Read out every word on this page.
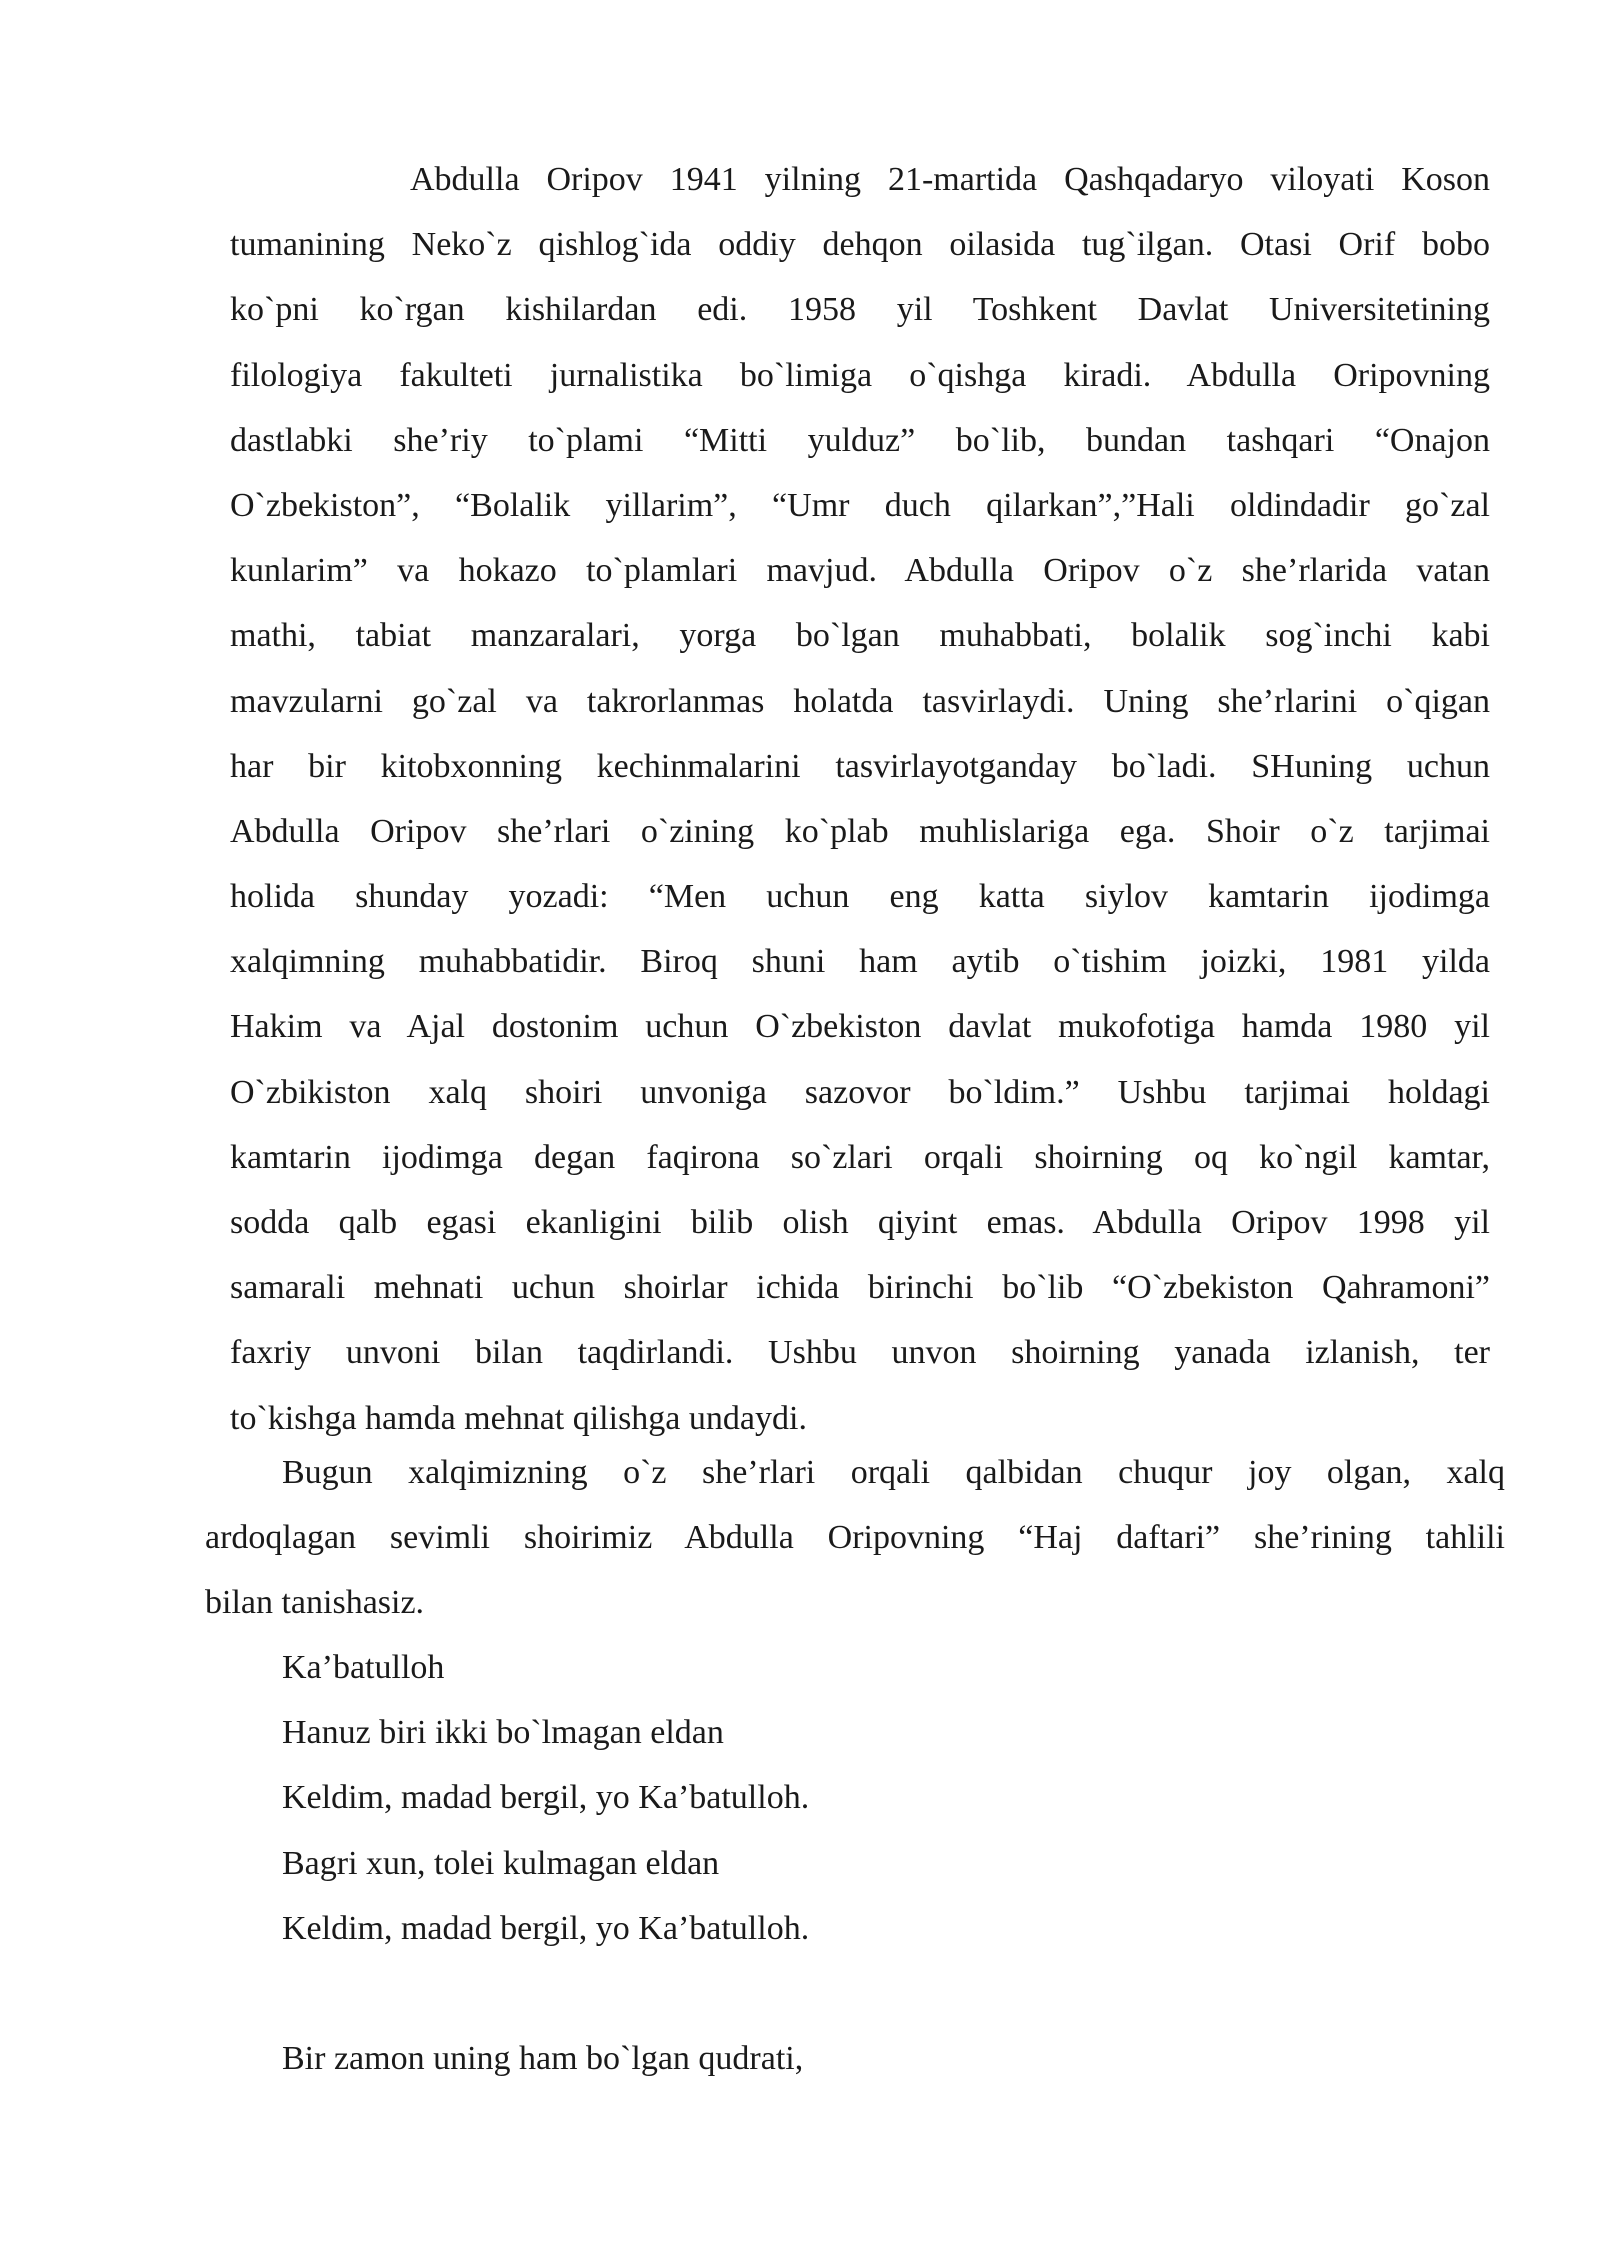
Abdulla Oripov 1941 yilning 21-martida Qashqadaryo viloyati Koson
tumanining Neko`z qishlog`ida oddiy dehqon oilasida tug`ilgan. Otasi Orif bobo
ko`pni ko`rgan kishilardan edi. 1958 yil Toshkent Davlat Universitetining
filologiya fakulteti jurnalistika bo`limiga o`qishga kiradi. Abdulla Oripovning
dastlabki she’riy to`plami “Mitti yulduz” bo`lib, bundan tashqari “Onajon
O`zbekiston”, “Bolalik yillarim”, “Umr duch qilarkan”,”Hali oldindadir go`zal
kunlarim” va hokazo to`plamlari mavjud. Abdulla Oripov o`z she’rlarida vatan
mathi, tabiat manzaralari, yorga bo`lgan muhabbati, bolalik sog`inchi kabi
mavzularni go`zal va takrorlanmas holatda tasvirlaydi. Uning she’rlarini o`qigan
har bir kitobxonning kechinmalarini tasvirlayotganday bo`ladi. SHuning uchun
Abdulla Oripov she’rlari o`zining ko`plab muhlislariga ega. Shoir o`z tarjimai
holida shunday yozadi: “Men uchun eng katta siylov kamtarin ijodimga
xalqimning muhabbatidir. Biroq shuni ham aytib o`tishim joizki, 1981 yilda
Hakim va Ajal dostonim uchun O`zbekiston davlat mukofotiga hamda 1980 yil
O`zbikiston xalq shoiri unvoniga sazovor bo`ldim.” Ushbu tarjimai holdagi
kamtarin ijodimga degan faqirona so`zlari orqali shoirning oq ko`ngil kamtar,
sodda qalb egasi ekanligini bilib olish qiyint emas. Abdulla Oripov 1998 yil
samarali mehnati uchun shoirlar ichida birinchi bo`lib “O`zbekiston Qahramoni”
faxriy unvoni bilan taqdirlandi. Ushbu unvon shoirning yanada izlanish, ter
to`kishga hamda mehnat qilishga undaydi.
Bugun xalqimizning o`z she’rlari orqali qalbidan chuqur joy olgan, xalq
ardoqlagan sevimli shoirimiz Abdulla Oripovning “Haj daftari” she’rining tahlili
bilan tanishasiz.
Ka’batulloh
Hanuz biri ikki bo`lmagan eldan
Keldim, madad bergil, yo Ka’batulloh.
Bagri xun, tolei kulmagan eldan
Keldim, madad bergil, yo Ka’batulloh.
Bir zamon uning ham bo`lgan qudrati,
